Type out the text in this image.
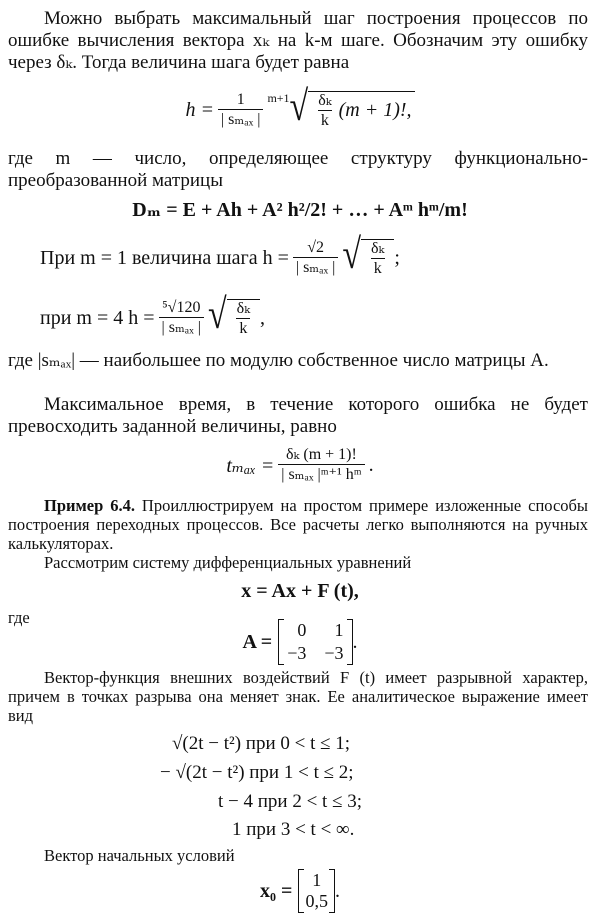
Можно выбрать максимальный шаг построения процессов по ошибке вычисления вектора xₖ на k-м шаге. Обозначим эту ошибку через δₖ. Тогда величина шага будет равна

$h = \frac{1}{\text{| sₘₐₓ |}} m+1$ √ $\frac{\text{δₖ}}{k} (m + 1)$!,

где m — число, определяющее структуру функционально-преобразованной матрицы

Dₘ = E + Ah + A² h²/2! + … + Aᵐ hᵐ/m!
При m = 1 величина шага $h = \frac{√2}{\text{| sₘₐₓ |}}$ √ $\frac{\text{δₖ}}{k}$ ;
при m = 4 $h = \frac{\text{⁵√120}}{\text{| sₘₐₓ |}}$ √ $\frac{\text{δₖ}}{k}$ ,

где |sₘₐₓ| — наибольшее по модулю собственное число матрицы A.

Максимальное время, в течение которого ошибка не будет превосходить заданной величины, равно

$t_{max} = \frac{\text{δₖ (m + 1)!}}{\text{| sₘₐₓ |ᵐ⁺¹ hᵐ}}$ .

Пример 6.4. Проиллюстрируем на простом примере изложенные способы построения переходных процессов. Все расчеты легко выполняются на ручных калькуляторах.

Рассмотрим систему дифференциальных уравнений

x = Ax + F (t),

где

A =
0	1
−3 −3
.

Вектор-функция внешних воздействий F (t) имеет разрывной характер, причем в точках разрыва она меняет знак. Ее аналитическое выражение имеет вид

√(2t − t²) при 0 < t ≤ 1;
− √(2t − t²) при 1 < t ≤ 2;
t − 4 при 2 < t ≤ 3;
1 при 3 < t < ∞.

Вектор начальных условий

x₀ = 1
0,5 .
